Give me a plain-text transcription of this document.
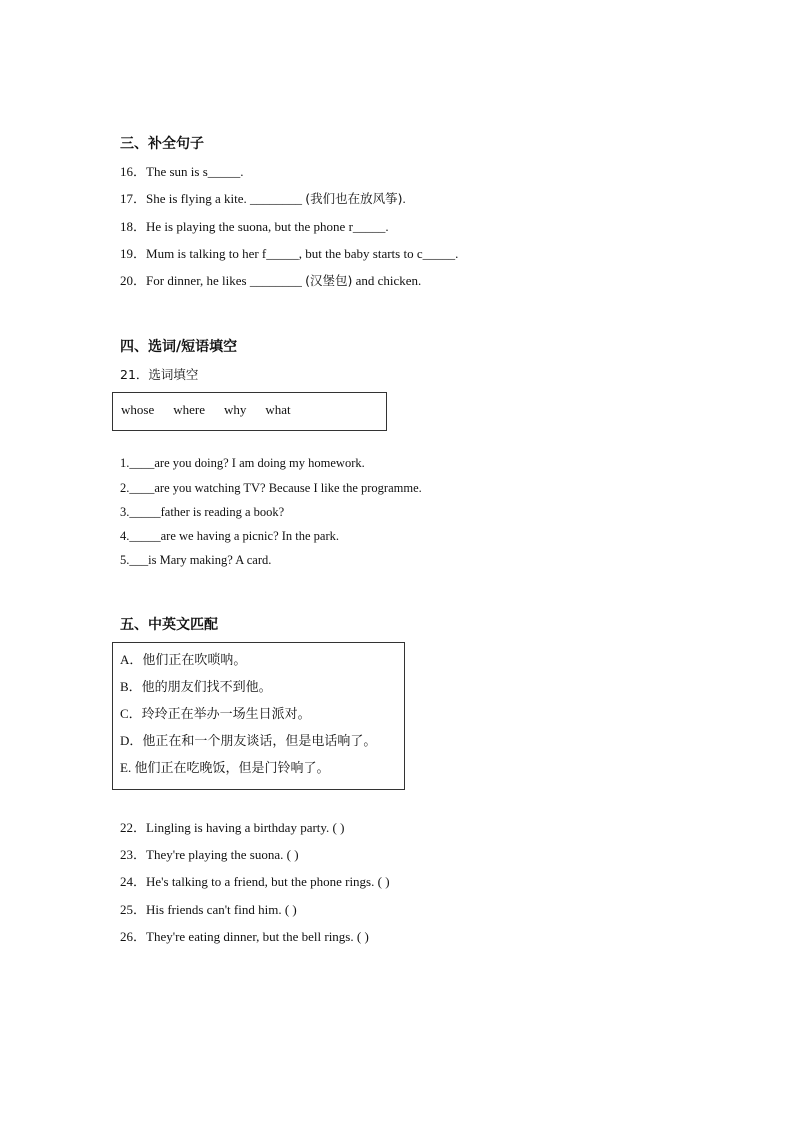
三、补全句子
16．The sun is s_____.
17．She is flying a kite. ________ (我们也在放风筝).
18．He is playing the suona, but the phone r_____.
19．Mum is talking to her f_____, but the baby starts to c_____.
20．For dinner, he likes ________ (汉堡包) and chicken.
四、选词/短语填空
21．选词填空
whose where why what
1.____are you doing? I am doing my homework.
2.____are you watching TV? Because I like the programme.
3._____father is reading a book?
4._____are we having a picnic? In the park.
5.___is Mary making? A card.
五、中英文匹配
A．他们正在吹唢呐。
B．他的朋友们找不到他。
C．玲玲正在举办一场生日派对。
D．他正在和一个朋友谈话，但是电话响了。
E. 他们正在吃晚饭，但是门铃响了。
22．Lingling is having a birthday party. ( )
23．They're playing the suona. ( )
24．He's talking to a friend, but the phone rings. ( )
25．His friends can't find him. ( )
26．They're eating dinner, but the bell rings. ( )
